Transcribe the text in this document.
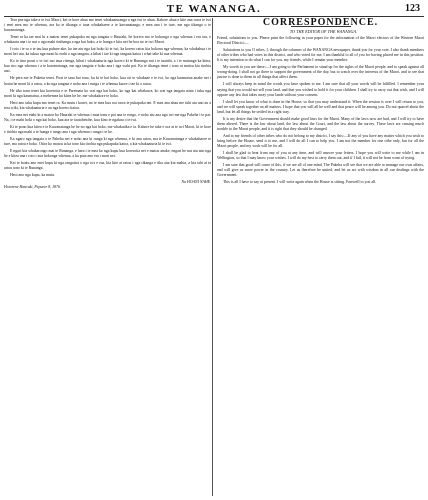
TE WANANGA.	123

Tera pea nga take a te iwi Maori, kei te kore ahua mo tenei whakaaturanga a nga iwi te ahua. Kahore ahua e kite ana rawa te iwi i enei mea mo te whenua, ara ko te tikanga o taua whakahaere a te kawanatanga, e mea ana i te ture, me nga tikanga o te kawanatanga.

Tenei ra ka tae mai ki a matou tenei pukapuka na nga tangata o Hauraki, he korero mo te hokonga o nga whenua i era tau, e whakaatu ana i te nui o nga mahi tinihanga a nga kai hoko, a te hunga e kiia nei he hoa no te iwi Maori.

I roto i te ra o te tau kua pahure ake, ka tae atu nga kai hoko ki te iwi, ka korero ratou kia hokona nga whenua, ka whakahua i te moni hei utu, ka tukua nga moni ki etahi o nga tangata, a kihai i tae ki nga tangata katoa i whai take ki aua whenua.

Ko te tino pouri o te iwi mo taua ritenga, kihai i whakaaturia nga korero ki te Runanga nui i te tuatahi, a i te mutunga ka kitea, kua riro nga whenua i a te kawanatanga, me nga tangata e hoko ana i nga wahi pai. Ko te tikanga tenei i tono ai matou kia tirohia ano.

He pera me te Paketia tenei. Poai te taua kai tono, ka ki te kai hoko, kua oti te whakaae e te iwi, ko nga kaumatua anake nei i hoatu he moni ki a ratou, a ko nga tangata e noho ana i runga i te whenua kaore i tae ki a ratou.

He tika tonu tenei kia korerotia e te Paremata ko wai nga kai hoko, ko nga kai whakawa, ko wai nga tangata nana i tuku nga moni ki nga kaumatua, a mehemea ka kitea he he, me whakakore te hoko.

Heoi ano taku kupu mo tenei ra. Ka mutu i konei, no te mea kua roa rawa te pukapuka nei. E mea ana ahau me tuhi atu ano au a tera wiki, kia whakaaturia e au nga korero katoa.

Ka mea nei etahi ki a matou ko Hauraki te whenua i mua tonu e pai ana te rongo, e noho atu ana nga iwi me nga Pakeha i te pai. Na, i te mahi hoki o nga kai hoko, kua ara te tautohetohe, kua kino te ngakau o te iwi.

Ki te pono kua kitea e te Kawanatanga he he no nga kai hoko, me whakatika e ia. Kahore he take e ora ai te iwi Maori, ki te kore e tirohia nga mahi a te hunga e tango ana i nga whenua i runga i te he.

Ka ngaro nga tangata o te Pakeha nei e noho ana ki runga ki nga whenua, e ki ana ratou, ma te Kawanatanga e whakahaere te ture, ma ratou e hoko. Otira ko matou ia ka tono kia tirohia nga pukapuka katoa, a kia whakaaturia ki te iwi.

E ngari kia whakarongo mai te Runanga, e hara i te mea ko nga kupu kua korerotia nei e matou anake, engari he nui atu ano nga he e kitea ana i roto i aua hokonga whenua, a ka puta ano era i muri nei.

Kei te hoatu ano enei kupu ki nga rangatira o nga iwi e rua, kia kite ai ratou i nga tikanga e tika ana kia mahia, a kia tahi ai ta ratou tono ki te Runanga.

Heoi ano nga kupu, ka mutu.

Na HOANI NAHE.

Hotorene Hauraki, Pepuere 8, 1876.

CORRESPONDENCE.

TO THE EDITOR OF THE WANANGA.

Friend, salutations to you. Please print the following in your paper for the information of the Maori electors of the Western Maori Electoral District:—

Salutations to you O tribes. I, through the columns of the WANANGA newspaper, thank you for your vote. I also thank members of other tribes who had votes in this district, and who voted for me. I am thankful to all of you for having placed me in this position. It is my intention to do what I can for you, my friends, while I remain your member.

My words to you are these:—I am going to the Parliament to stand up for the rights of the Maori people, and to speak against all wrong-doing. I shall not go there to support the government of the day, but to watch over the interests of the Maori, and to see that justice is done to them in all things that affect them.

I will always keep in mind the words you have spoken to me. I am sure that all your words will be fulfilled. I remember your saying that you would not sell your land, and that you wished to hold it for your children. I shall try to carry out that wish, and I will oppose any law that takes away your lands without your consent.

I shall let you know of what is done in the House, so that you may understand it. When the session is over I will return to you, and we will speak together on all matters. I hope that you will all be well and that peace will be among you. Do not quarrel about the land, but let all things be settled in a right way.

It is my desire that the Government should make good laws for the Maori. Many of the laws now are bad, and I will try to have them altered. There is the law about land, the law about the Court, and the law about the survey. These laws are causing much trouble to the Maori people, and it is right that they should be changed.

And to my friends of other tribes who do not belong to my district, I say this:—If any of you have any matter which you wish to bring before the House, send it to me, and I will do all I can to help you. I am not the member for one tribe only, but for all the Maori people, and my work will be for all.

I shall be glad to hear from any of you at any time, and will answer your letters. I hope you will write to me while I am in Wellington, so that I may know your wishes. I will do my best to carry them out, and if I fail, it will not be from want of trying.

I am sure that good will come of this, if we are all of one mind. The Pakeha will see that we are able to manage our own affairs, and will give us more power in the country. Let us therefore be united, and let us act with wisdom in all our dealings with the Government.

This is all I have to say at present. I will write again when the House is sitting. Farewell to you all.
